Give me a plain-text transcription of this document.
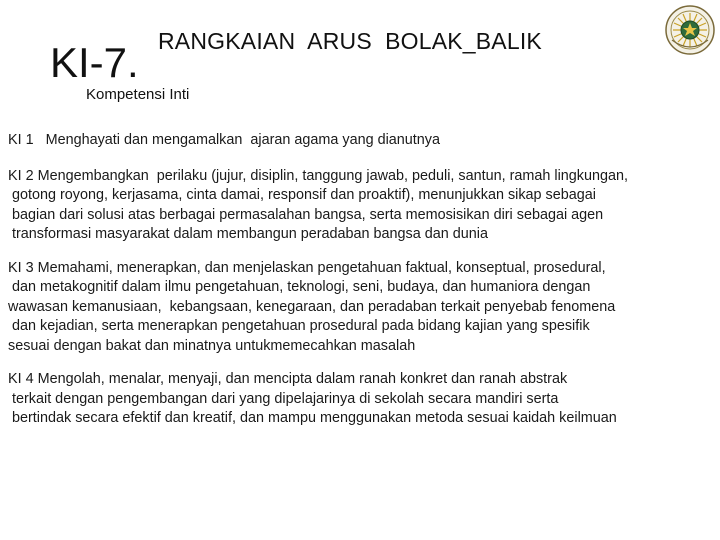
KI-7. RANGKAIAN  ARUS  BOLAK_BALIK
Kompetensi Inti
KI 1   Menghayati dan mengamalkan  ajaran agama yang dianutnya
KI 2 Mengembangkan  perilaku (jujur, disiplin, tanggung jawab, peduli, santun, ramah lingkungan,
gotong royong, kerjasama, cinta damai, responsif dan proaktif), menunjukkan sikap sebagai
bagian dari solusi atas berbagai permasalahan bangsa, serta memosisikan diri sebagai agen
transformasi masyarakat dalam membangun peradaban bangsa dan dunia
KI 3 Memahami, menerapkan, dan menjelaskan pengetahuan faktual, konseptual, prosedural,
dan metakognitif dalam ilmu pengetahuan, teknologi, seni, budaya, dan humaniora dengan
wawasan kemanusiaan,  kebangsaan, kenegaraan, dan peradaban terkait penyebab fenomena
dan kejadian, serta menerapkan pengetahuan prosedural pada bidang kajian yang spesifik
sesuai dengan bakat dan minatnya untukmemecahkan masalah
KI 4 Mengolah, menalar, menyaji, dan mencipta dalam ranah konkret dan ranah abstrak
terkait dengan pengembangan dari yang dipelajarinya di sekolah secara mandiri serta
bertindak secara efektif dan kreatif, dan mampu menggunakan metoda sesuai kaidah keilmuan
